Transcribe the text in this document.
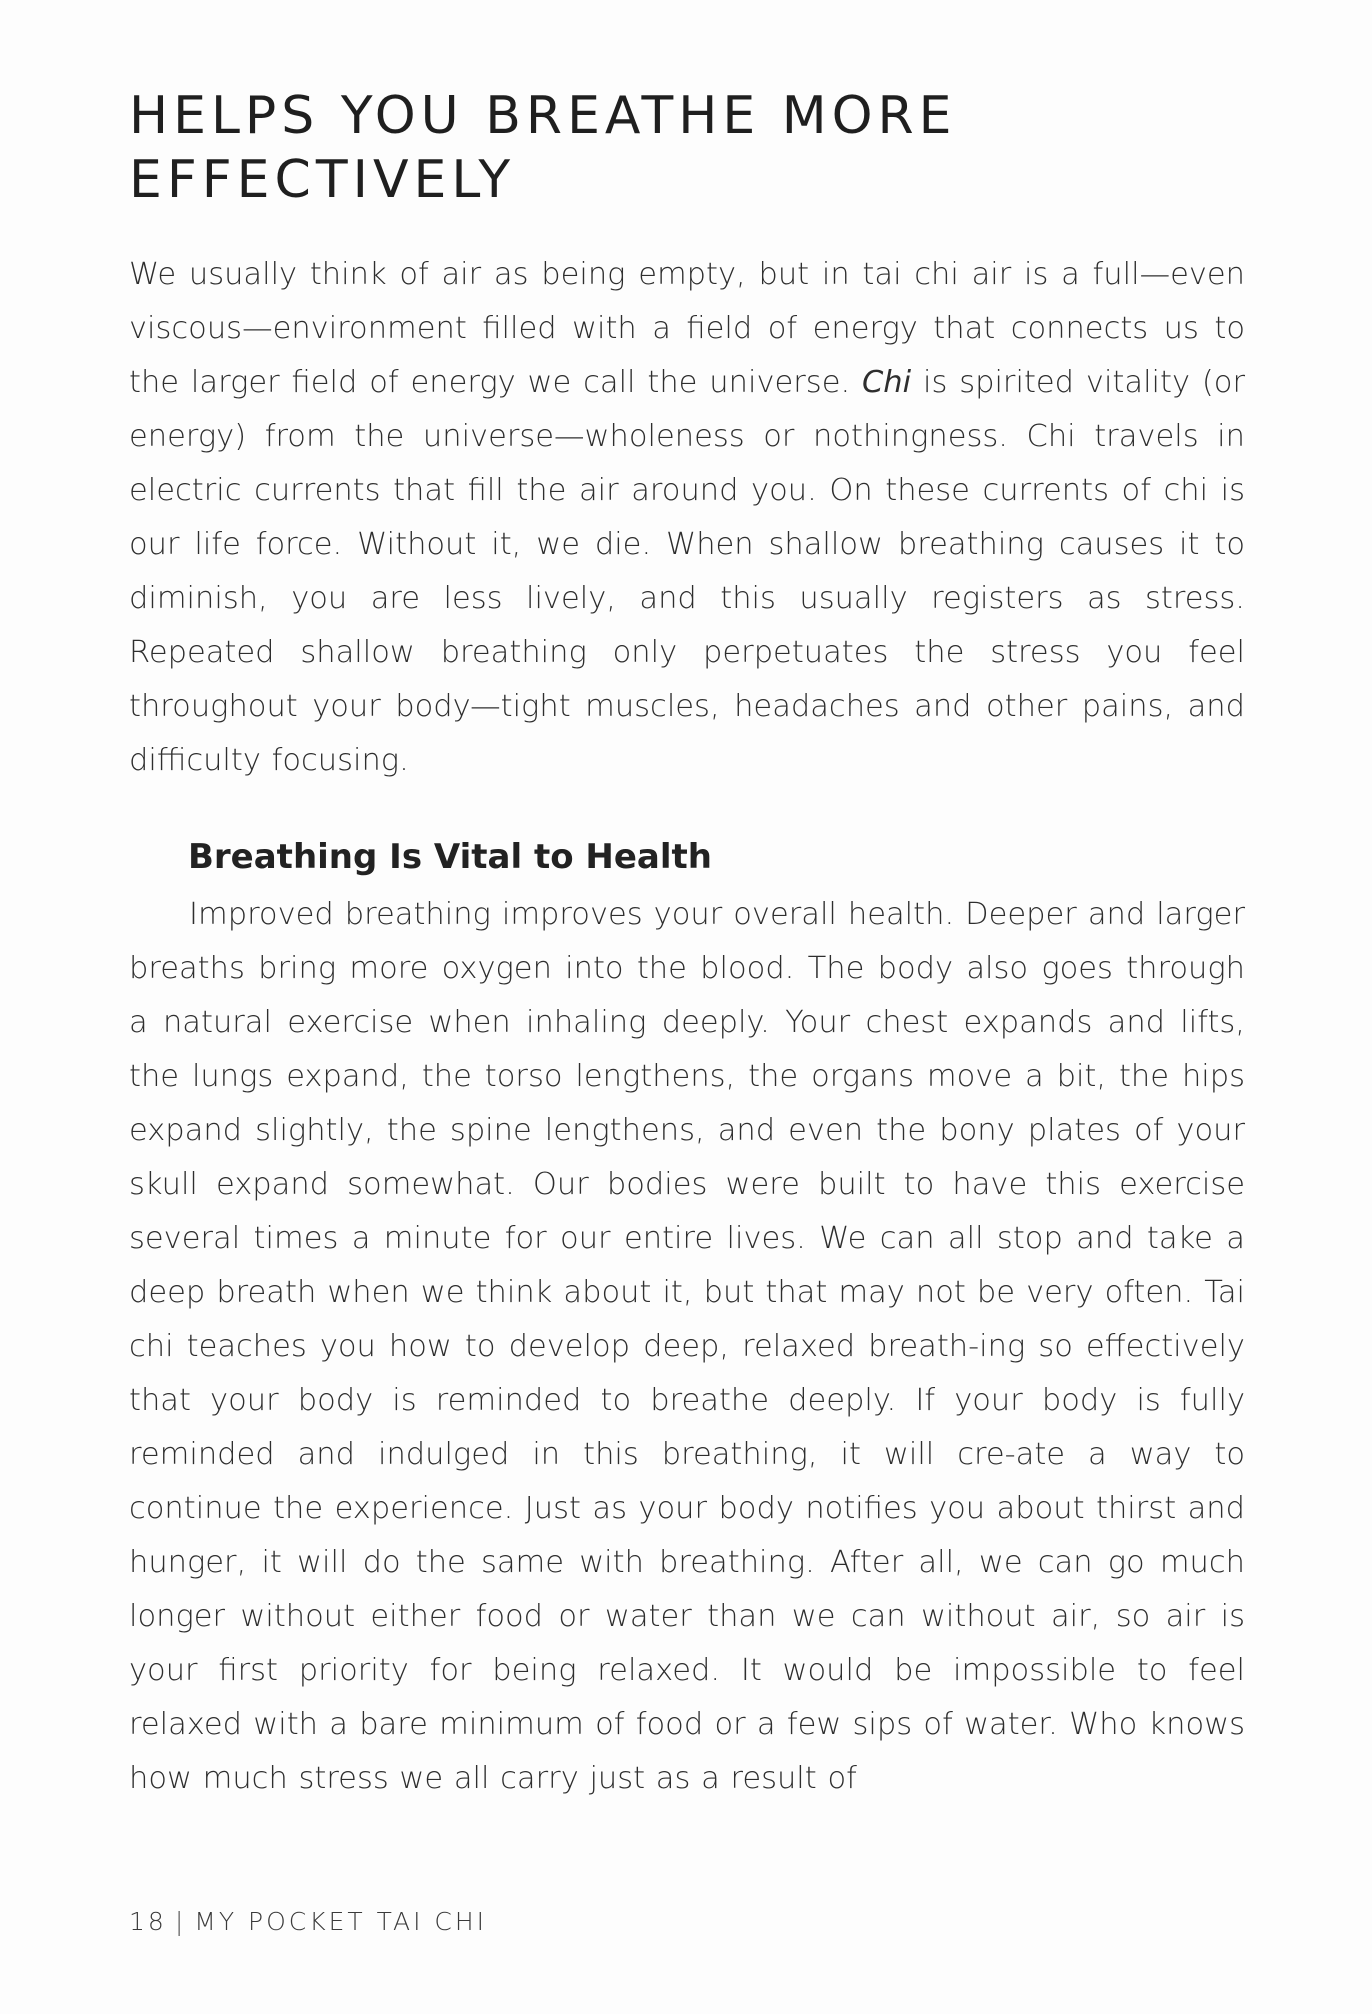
HELPS YOU BREATHE MORE EFFECTIVELY

We usually think of air as being empty, but in tai chi air is a full—even viscous—environment filled with a field of energy that connects us to the larger field of energy we call the universe. Chi is spirited vitality (or energy) from the universe—wholeness or nothingness. Chi travels in electric currents that fill the air around you. On these currents of chi is our life force. Without it, we die. When shallow breathing causes it to diminish, you are less lively, and this usually registers as stress. Repeated shallow breathing only perpetuates the stress you feel throughout your body—tight muscles, headaches and other pains, and difficulty focusing.

Breathing Is Vital to Health

Improved breathing improves your overall health. Deeper and larger breaths bring more oxygen into the blood. The body also goes through a natural exercise when inhaling deeply. Your chest expands and lifts, the lungs expand, the torso lengthens, the organs move a bit, the hips expand slightly, the spine lengthens, and even the bony plates of your skull expand somewhat. Our bodies were built to have this exercise several times a minute for our entire lives. We can all stop and take a deep breath when we think about it, but that may not be very often. Tai chi teaches you how to develop deep, relaxed breath-ing so effectively that your body is reminded to breathe deeply. If your body is fully reminded and indulged in this breathing, it will cre-ate a way to continue the experience. Just as your body notifies you about thirst and hunger, it will do the same with breathing. After all, we can go much longer without either food or water than we can without air, so air is your first priority for being relaxed. It would be impossible to feel relaxed with a bare minimum of food or a few sips of water. Who knows how much stress we all carry just as a result of

18 | MY POCKET TAI CHI
